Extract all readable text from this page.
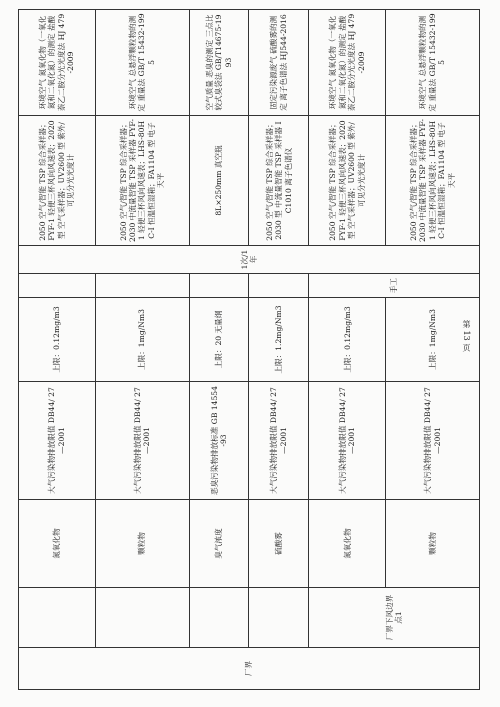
厂界		氮氧化物	大气污染物排放限值 DB44/ 27—2001	上限：0.12mg/m3		1次/1年	2050 空气/智能 TSP 综合采样器；FYF-1 轻便三杯风向风速表；2020 型 空气采样器；UV2600 型 紫外/可见分光光度计	环境空气 氮氧化物（一氧化氮和二氧化氮）的测定 盐酸萘乙二胺分光光度法 HJ 479-2009
		颗粒物	大气污染物排放限值 DB44/ 27—2001	上限：1mg/Nm3			2050 空气/智能 TSP 综合采样器；2030 中流量智能 TSP 采样器 FYF-1 轻便三杯风向风速表；LHS-80HC-I 恒温恒湿箱；FA1104 型 电子天平	环境空气 总悬浮颗粒物的测定 重量法 GB/T 15432-1995
		臭气浓度	恶臭污染物排放标准 GB 14554-93	上限：20 无量纲			8L×250mm 真空瓶	空气质量 恶臭的测定 三点比较式臭袋法 GB/T14675-1993
		硫酸雾	大气污染物排放限值 DB44/ 27—2001	上限：1.2mg/Nm3			2050 空气/智能 TSP 综合采样器；2030 型 中流量智能 TSP 采样器 IC1010 离子色谱仪	固定污染源废气 硫酸雾的测定 离子色谱法 HJ544-2016
	厂界下风边界点1	氮氧化物	大气污染物排放限值 DB44/ 27—2001	上限：0.12mg/m3	手工		2050 空气/智能 TSP 综合采样器；FYF-1 轻便三杯风向风速表；2020 型 空气采样器；UV2600 型 紫外/可见分光光度计	环境空气 氮氧化物（一氧化氮和二氧化氮）的测定 盐酸萘乙二胺分光光度法 HJ 479-2009
		颗粒物	大气污染物排放限值 DB44/ 27—2001	上限：1mg/Nm3			2050 空气/智能 TSP 综合采样器；2030 中流量智能 TSP 采样器 FYF-1 轻便三杯风向风速表；LHS-80HC-I 恒温恒湿箱；FA1104 型 电子天平	环境空气 总悬浮颗粒物的测定 重量法 GB/T 15432-1995
第 13 页
